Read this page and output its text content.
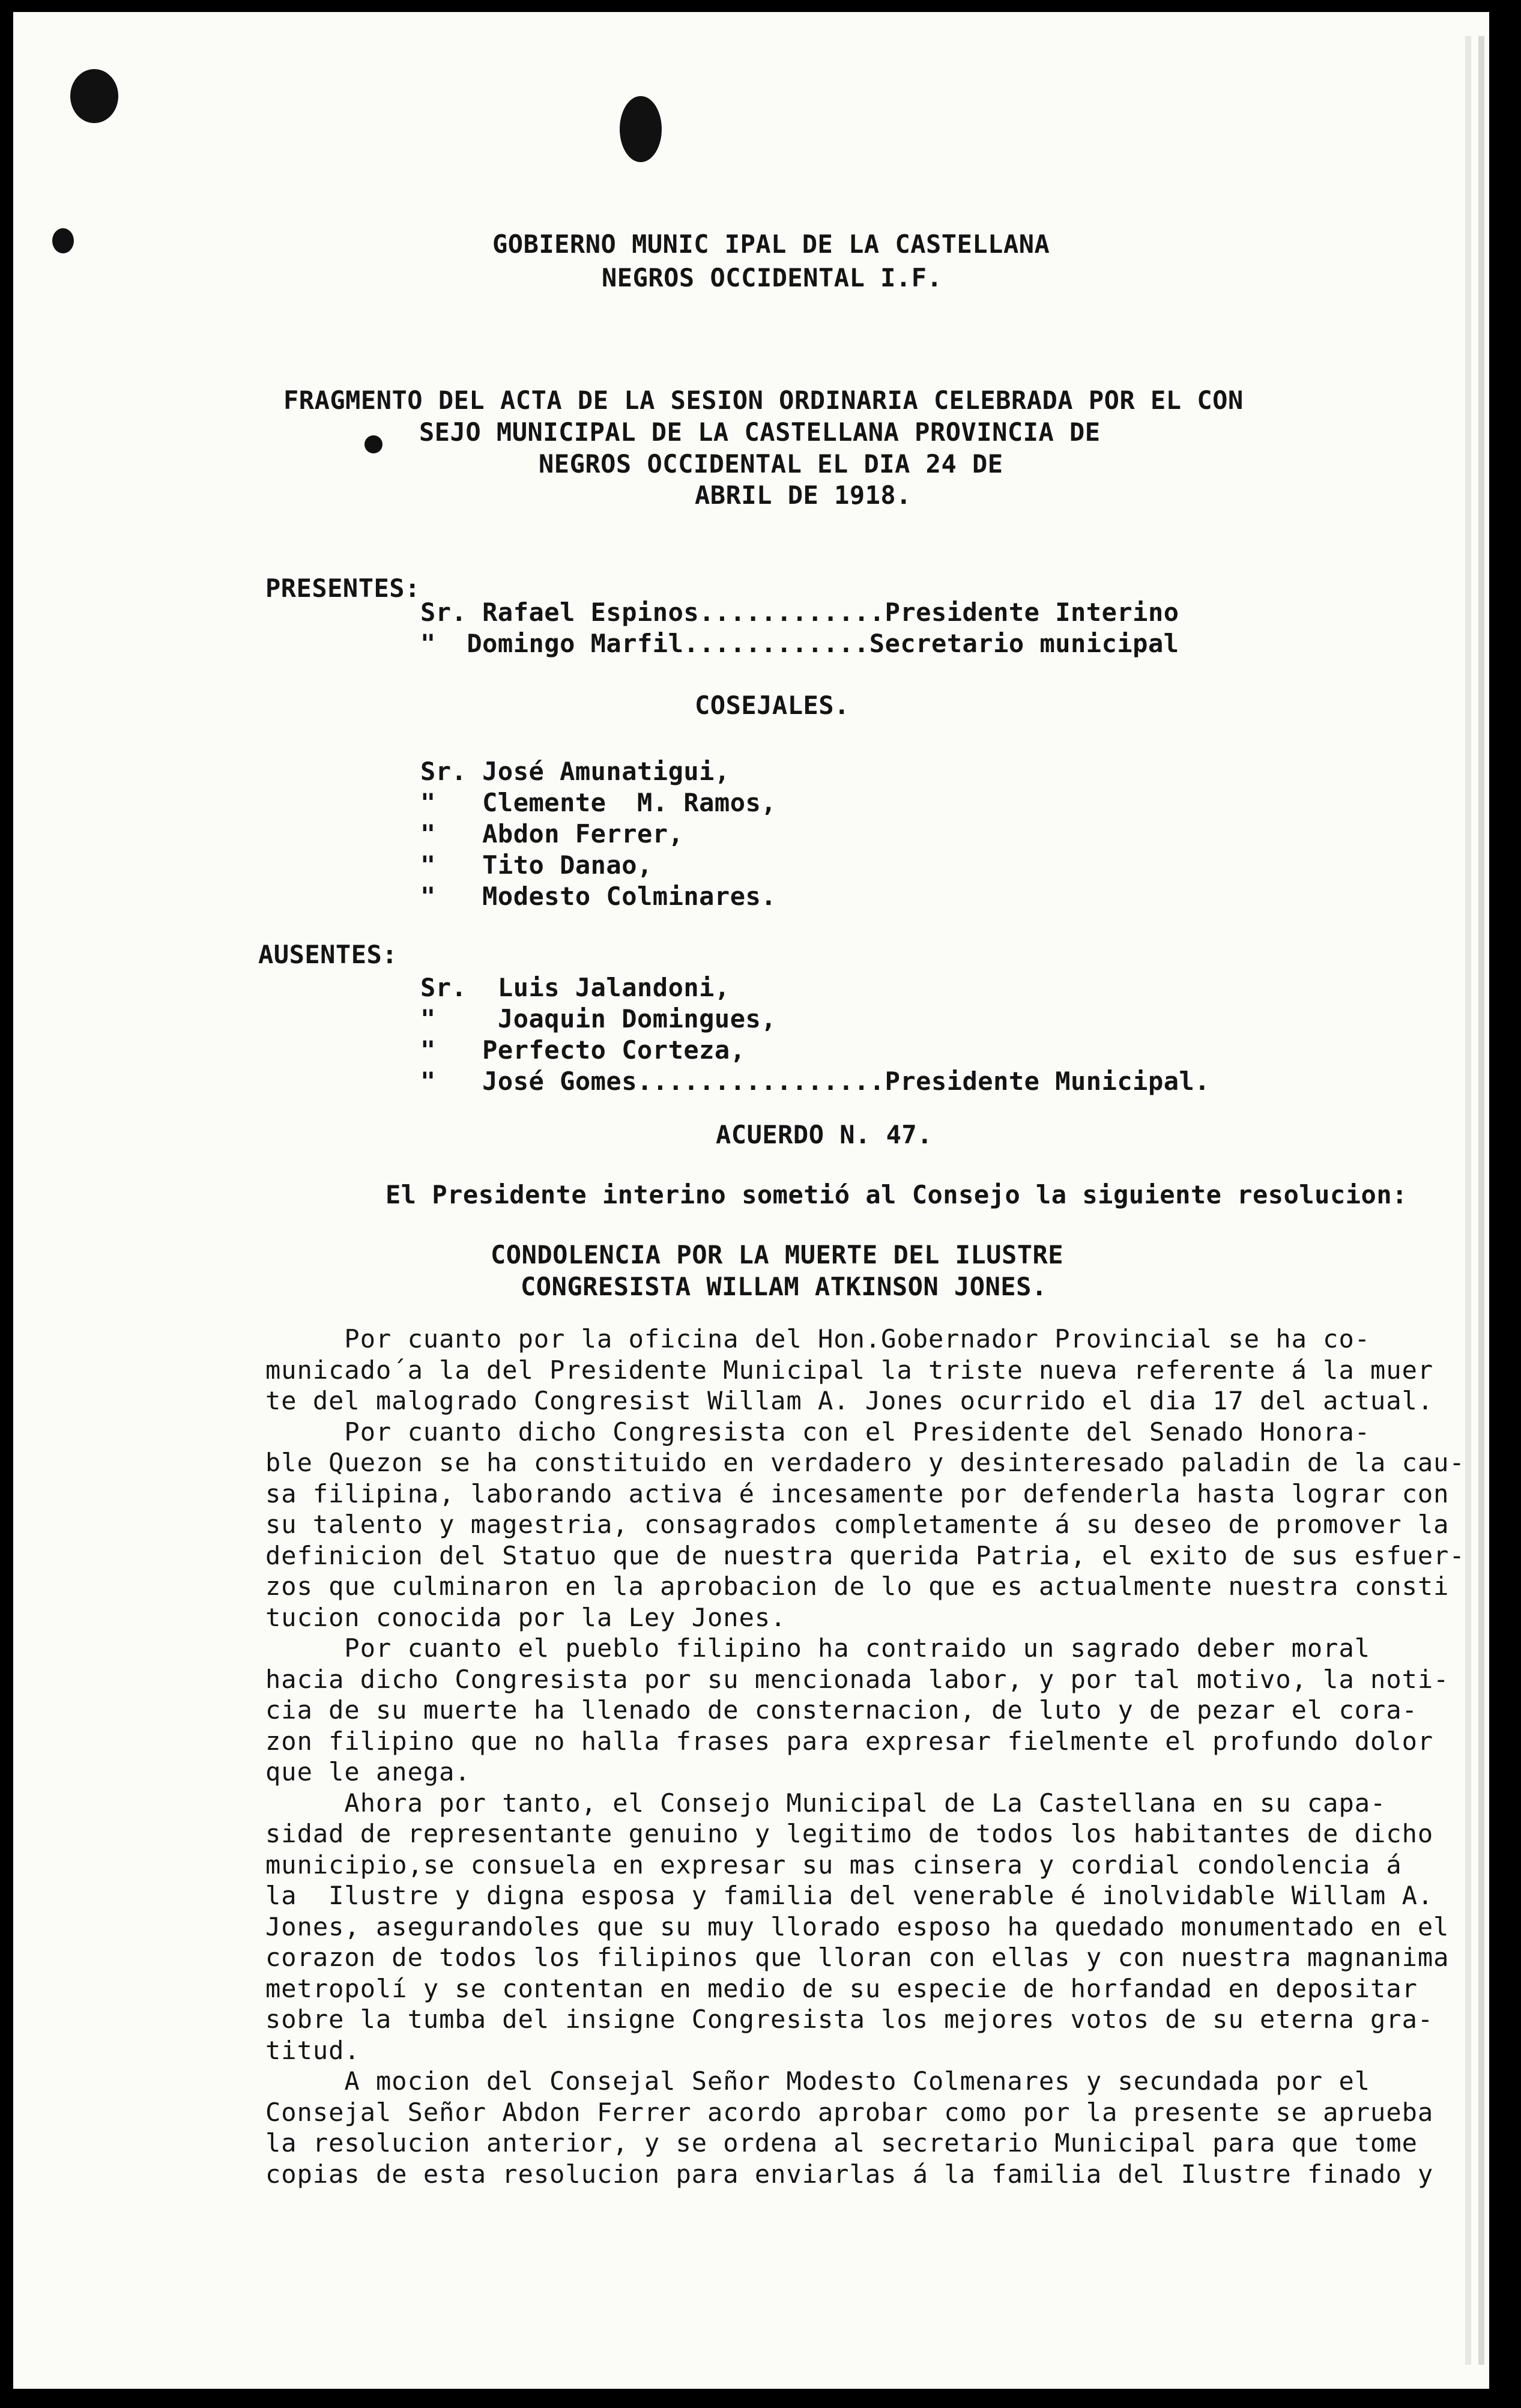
GOBIERNO MUNIC IPAL DE LA CASTELLANA
NEGROS OCCIDENTAL I.F.
FRAGMENTO DEL ACTA DE LA SESION ORDINARIA CELEBRADA POR EL CON
SEJO MUNICIPAL DE LA CASTELLANA PROVINCIA DE
NEGROS OCCIDENTAL EL DIA 24 DE
ABRIL DE 1918.
PRESENTES:
Sr. Rafael Espinos............Presidente Interino
"  Domingo Marfil............Secretario municipal
COSEJALES.
Sr. José Amunatigui,
"   Clemente  M. Ramos,
"   Abdon Ferrer,
"   Tito Danao,
"   Modesto Colminares.
AUSENTES:
Sr.  Luis Jalandoni,
"    Joaquin Domingues,
"   Perfecto Corteza,
"   José Gomes................Presidente Municipal.
ACUERDO N. 47.
El Presidente interino sometió al Consejo la siguiente resolucion:
CONDOLENCIA POR LA MUERTE DEL ILUSTRE
CONGRESISTA WILLAM ATKINSON JONES.
Por cuanto por la oficina del Hon.Gobernador Provincial se ha co-
municado´a la del Presidente Municipal la triste nueva referente á la muer
te del malogrado Congresist Willam A. Jones ocurrido el dia 17 del actual.
Por cuanto dicho Congresista con el Presidente del Senado Honora-
ble Quezon se ha constituido en verdadero y desinteresado paladin de la cau-
sa filipina, laborando activa é incesamente por defenderla hasta lograr con
su talento y magestria, consagrados completamente á su deseo de promover la
definicion del Statuo que de nuestra querida Patria, el exito de sus esfuer-
zos que culminaron en la aprobacion de lo que es actualmente nuestra consti
tucion conocida por la Ley Jones.
Por cuanto el pueblo filipino ha contraido un sagrado deber moral
hacia dicho Congresista por su mencionada labor, y por tal motivo, la noti-
cia de su muerte ha llenado de consternacion, de luto y de pezar el cora-
zon filipino que no halla frases para expresar fielmente el profundo dolor
que le anega.
Ahora por tanto, el Consejo Municipal de La Castellana en su capa-
sidad de representante genuino y legitimo de todos los habitantes de dicho
municipio,se consuela en expresar su mas cinsera y cordial condolencia á
la  Ilustre y digna esposa y familia del venerable é inolvidable Willam A.
Jones, asegurandoles que su muy llorado esposo ha quedado monumentado en el
corazon de todos los filipinos que lloran con ellas y con nuestra magnanima
metropolí y se contentan en medio de su especie de horfandad en depositar
sobre la tumba del insigne Congresista los mejores votos de su eterna gra-
titud.
A mocion del Consejal Señor Modesto Colmenares y secundada por el
Consejal Señor Abdon Ferrer acordo aprobar como por la presente se aprueba
la resolucion anterior, y se ordena al secretario Municipal para que tome
copias de esta resolucion para enviarlas á la familia del Ilustre finado y
